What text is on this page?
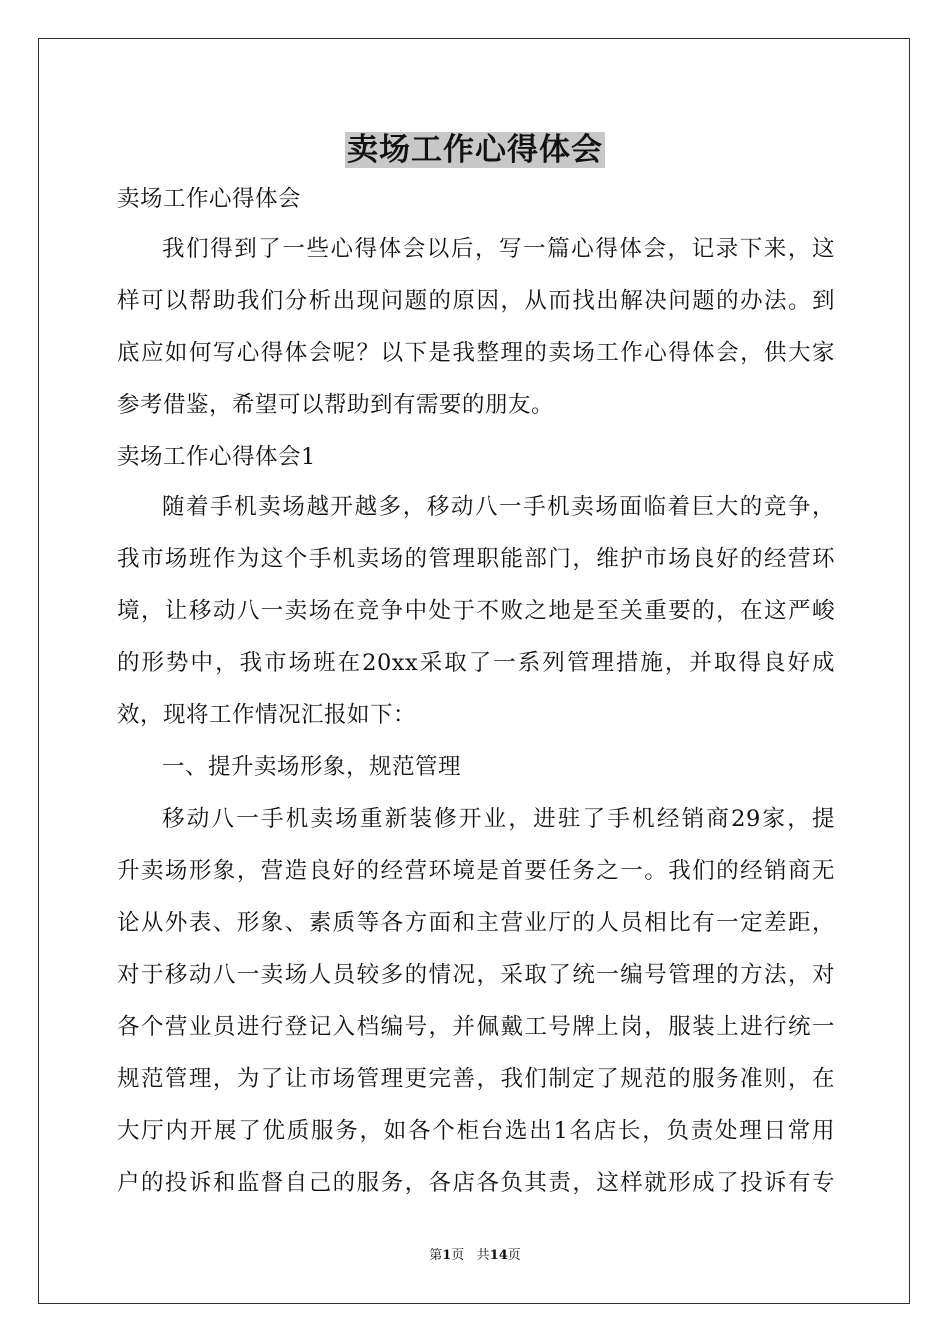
卖场工作心得体会
卖场工作心得体会
我们得到了一些心得体会以后，写一篇心得体会，记录下来，这
样可以帮助我们分析出现问题的原因，从而找出解决问题的办法。到
底应如何写心得体会呢？以下是我整理的卖场工作心得体会，供大家
参考借鉴，希望可以帮助到有需要的朋友。
卖场工作心得体会1
随着手机卖场越开越多，移动八一手机卖场面临着巨大的竞争，
我市场班作为这个手机卖场的管理职能部门，维护市场良好的经营环
境，让移动八一卖场在竞争中处于不败之地是至关重要的，在这严峻
的形势中，我市场班在20xx采取了一系列管理措施，并取得良好成
效，现将工作情况汇报如下：
一、提升卖场形象，规范管理
移动八一手机卖场重新装修开业，进驻了手机经销商29家，提
升卖场形象，营造良好的经营环境是首要任务之一。我们的经销商无
论从外表、形象、素质等各方面和主营业厅的人员相比有一定差距，
对于移动八一卖场人员较多的情况，采取了统一编号管理的方法，对
各个营业员进行登记入档编号，并佩戴工号牌上岗，服装上进行统一
规范管理，为了让市场管理更完善，我们制定了规范的服务准则，在
大厅内开展了优质服务，如各个柜台选出1名店长，负责处理日常用
户的投诉和监督自己的服务，各店各负其责，这样就形成了投诉有专
第1页 共14页
